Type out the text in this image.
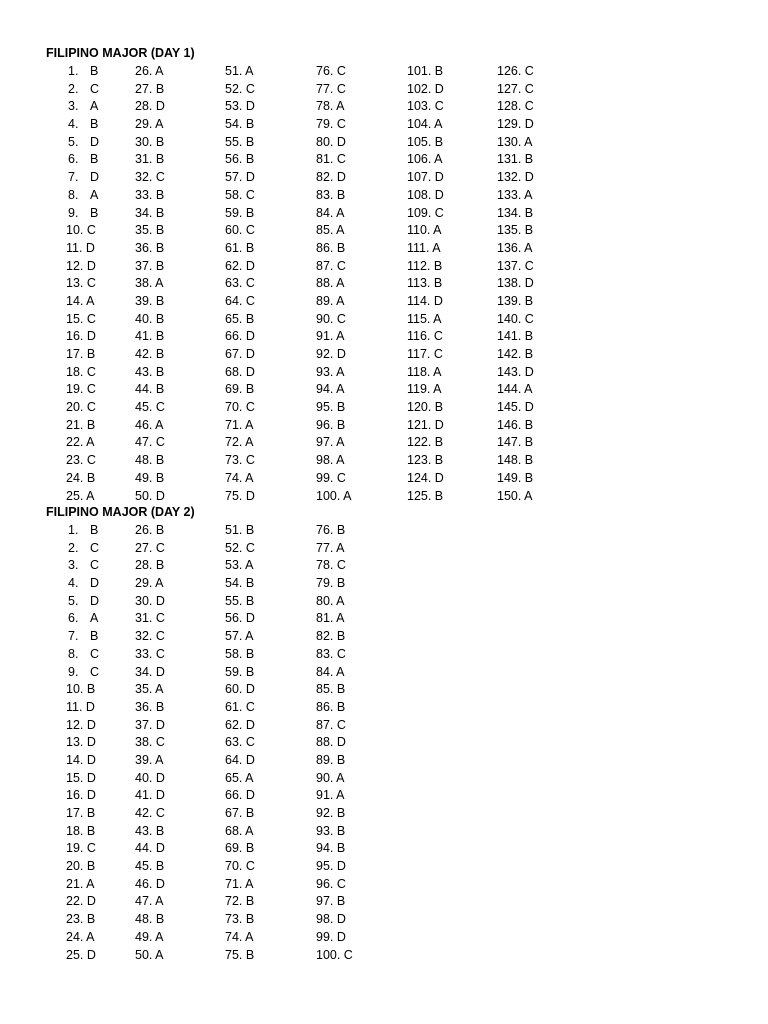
FILIPINO MAJOR (DAY 1)
1. B
2. C
3. A
4. B
5. D
6. B
7. D
8. A
9. B
10. C
11. D
12. D
13. C
14. A
15. C
16. D
17. B
18. C
19. C
20. C
21. B
22. A
23. C
24. B
25. A
26. A
27. B
28. D
29. A
30. B
31. B
32. C
33. B
34. B
35. B
36. B
37. B
38. A
39. B
40. B
41. B
42. B
43. B
44. B
45. C
46. A
47. C
48. B
49. B
50. D
51. A
52. C
53. D
54. B
55. B
56. B
57. D
58. C
59. B
60. C
61. B
62. D
63. C
64. C
65. B
66. D
67. D
68. D
69. B
70. C
71. A
72. A
73. C
74. A
75. D
76. C
77. C
78. A
79. C
80. D
81. C
82. D
83. B
84. A
85. A
86. B
87. C
88. A
89. A
90. C
91. A
92. D
93. A
94. A
95. B
96. B
97. A
98. A
99. C
100. A
101. B
102. D
103. C
104. A
105. B
106. A
107. D
108. D
109. C
110. A
111. A
112. B
113. B
114. D
115. A
116. C
117. C
118. A
119. A
120. B
121. D
122. B
123. B
124. D
125. B
126. C
127. C
128. C
129. D
130. A
131. B
132. D
133. A
134. B
135. B
136. A
137. C
138. D
139. B
140. C
141. B
142. B
143. D
144. A
145. D
146. B
147. B
148. B
149. B
150. A
FILIPINO MAJOR (DAY 2)
1. B
2. C
3. C
4. D
5. D
6. A
7. B
8. C
9. C
10. B
11. D
12. D
13. D
14. D
15. D
16. D
17. B
18. B
19. C
20. B
21. A
22. D
23. B
24. A
25. D
26. B
27. C
28. B
29. A
30. D
31. C
32. C
33. C
34. D
35. A
36. B
37. D
38. C
39. A
40. D
41. D
42. C
43. B
44. D
45. B
46. D
47. A
48. B
49. A
50. A
51. B
52. C
53. A
54. B
55. B
56. D
57. A
58. B
59. B
60. D
61. C
62. D
63. C
64. D
65. A
66. D
67. B
68. A
69. B
70. C
71. A
72. B
73. B
74. A
75. B
76. B
77. A
78. C
79. B
80. A
81. A
82. B
83. C
84. A
85. B
86. B
87. C
88. D
89. B
90. A
91. A
92. B
93. B
94. B
95. D
96. C
97. B
98. D
99. D
100. C
